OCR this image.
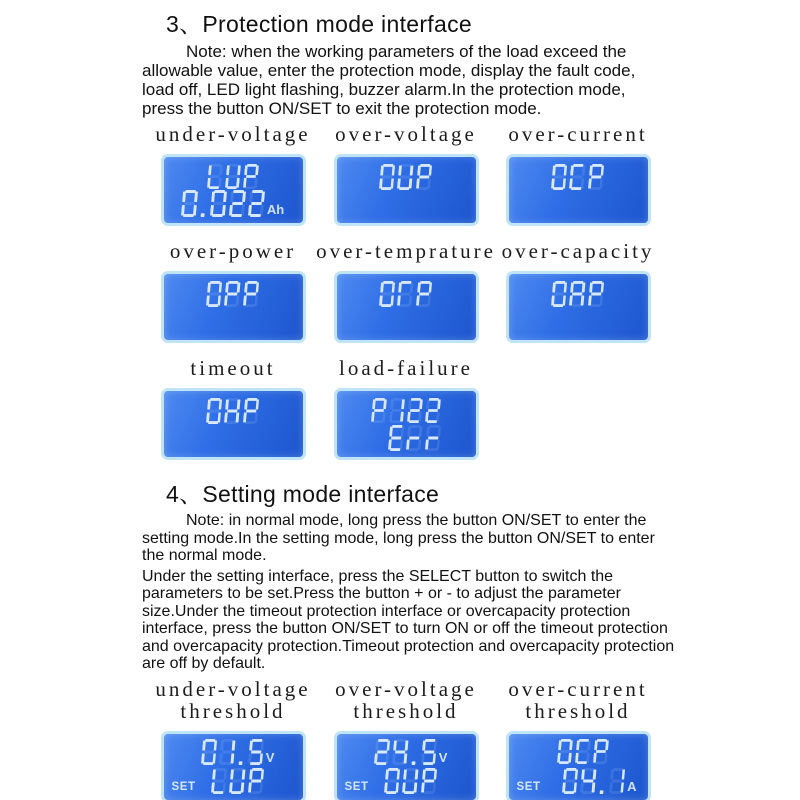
3、Protection mode interface
Note: when the working parameters of the load exceed the allowable value, enter the protection mode, display the fault code, load off, LED light flashing, buzzer alarm.In the protection mode, press the button ON/SET to exit the protection mode.
under-voltage over-voltage over-current
Ah
over-power over-temprature over-capacity
timeout	load-failure
4、Setting mode interface
Note: in normal mode, long press the button ON/SET to enter the setting mode.In the setting mode, long press the button ON/SET to enter the normal mode.
Under the setting interface, press the SELECT button to switch the parameters to be set.Press the button + or - to adjust the parameter size.Under the timeout protection interface or overcapacity protection interface, press the button ON/SET to turn ON or off the timeout protection and overcapacity protection.Timeout protection and overcapacity protection are off by default.
under-voltage
threshold
over-voltage
threshold
over-current
threshold
V
SET
V
SET	A
SET
